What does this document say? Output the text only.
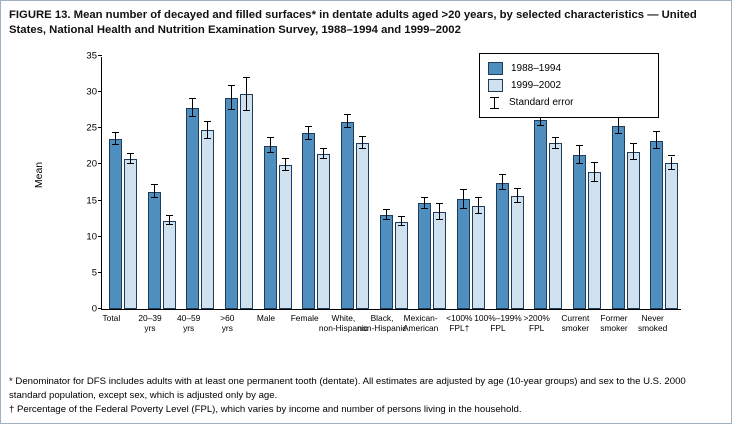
FIGURE 13. Mean number of decayed and filled surfaces* in dentate adults aged >20 years, by selected characteristics — United States, National Health and Nutrition Examination Survey, 1988–1994 and 1999–2002
Mean
0
5
10
15
20
25
30
35
Total	20–39
yrs
40–59
yrs
>60
yrs
Male	Female	White,
non-Hispanic
Black,
non-Hispanic
Mexican-American
<100%
FPL†
100%–199%
FPL
>200%
FPL
Current
smoker
Former
smoker
Never
smoked
1988–1994
1999–2002
Standard error
* Denominator for DFS includes adults with at least one permanent tooth (dentate). All estimates are adjusted by age (10-year groups) and sex to the U.S. 2000 standard population, except sex, which is adjusted only by age.
† Percentage of the Federal Poverty Level (FPL), which varies by income and number of persons living in the household.
